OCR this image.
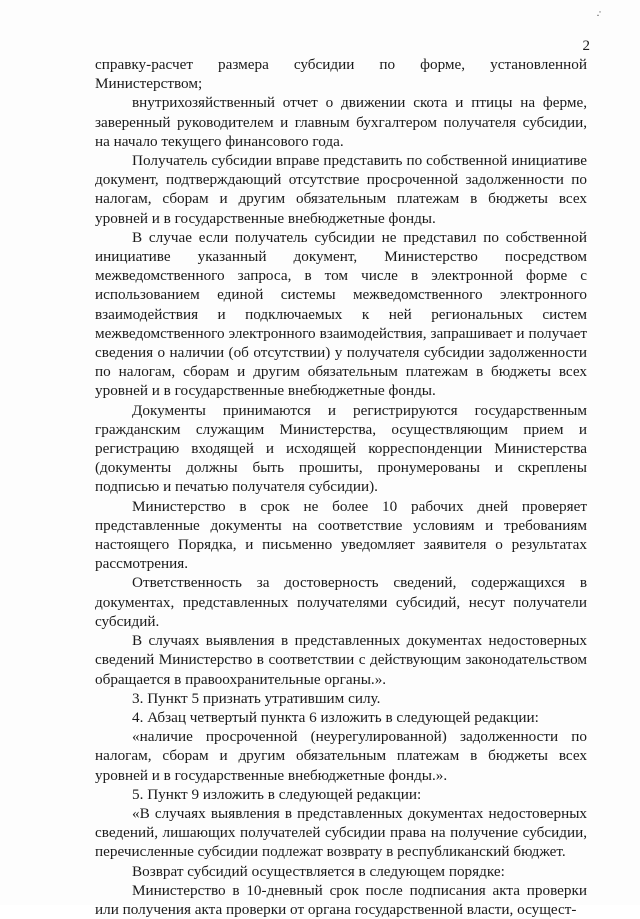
·̇
2

справку-расчет размера субсидии по форме, установленной Министерством;

внутрихозяйственный отчет о движении скота и птицы на ферме, заверенный руководителем и главным бухгалтером получателя субсидии, на начало текущего финансового года.

Получатель субсидии вправе представить по собственной инициативе документ, подтверждающий отсутствие просроченной задолженности по налогам, сборам и другим обязательным платежам в бюджеты всех уровней и в государственные внебюджетные фонды.

В случае если получатель субсидии не представил по собственной инициативе указанный документ, Министерство посредством межведомственного запроса, в том числе в электронной форме с использованием единой системы межведомственного электронного взаимодействия и подключаемых к ней региональных систем межведомственного электронного взаимодействия, запрашивает и получает сведения о наличии (об отсутствии) у получателя субсидии задолженности по налогам, сборам и другим обязательным платежам в бюджеты всех уровней и в государственные внебюджетные фонды.

Документы принимаются и регистрируются государственным гражданским служащим Министерства, осуществляющим прием и регистрацию входящей и исходящей корреспонденции Министерства (документы должны быть прошиты, пронумерованы и скреплены подписью и печатью получателя субсидии).

Министерство в срок не более 10 рабочих дней проверяет представленные документы на соответствие условиям и требованиям настоящего Порядка, и письменно уведомляет заявителя о результатах рассмотрения.

Ответственность за достоверность сведений, содержащихся в документах, представленных получателями субсидий, несут получатели субсидий.

В случаях выявления в представленных документах недостоверных сведений Министерство в соответствии с действующим законодательством обращается в правоохранительные органы.».

3. Пункт 5 признать утратившим силу.

4. Абзац четвертый пункта 6 изложить в следующей редакции:

«наличие просроченной (неурегулированной) задолженности по налогам, сборам и другим обязательным платежам в бюджеты всех уровней и в государственные внебюджетные фонды.».

5. Пункт 9 изложить в следующей редакции:

«В случаях выявления в представленных документах недостоверных сведений, лишающих получателей субсидии права на получение субсидии, перечисленные субсидии подлежат возврату в республиканский бюджет.

Возврат субсидий осуществляется в следующем порядке:

Министерство в 10-дневный срок после подписания акта проверки или получения акта проверки от органа государственной власти, осущест-
